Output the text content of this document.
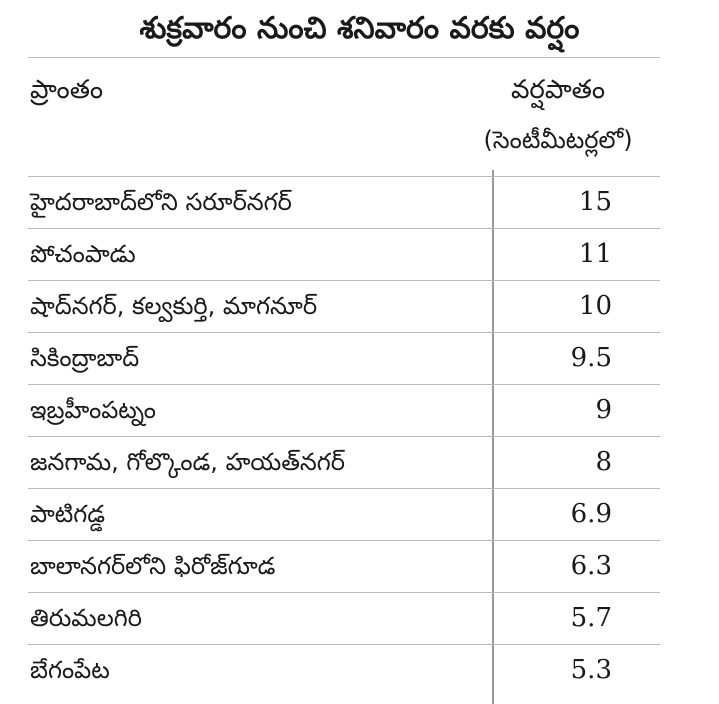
శుక్రవారం నుంచి శనివారం వరకు వర్షం
ప్రాంతం	వర్షపాతం
(సెంటీమీటర్లలో)
హైదరాబాద్‌లోని సరూర్‌నగర్	15
పోచంపాడు	11
షాద్‌నగర్, కల్వకుర్తి, మాగనూర్	10
సికింద్రాబాద్	9.5
ఇబ్రహీంపట్నం	9
జనగామ, గోల్కొండ, హయత్‌నగర్	8
పాటిగడ్డ	6.9
బాలానగర్‌లోని ఫిరోజ్‌గూడ	6.3
తిరుమలగిరి	5.7
బేగంపేట	5.3
